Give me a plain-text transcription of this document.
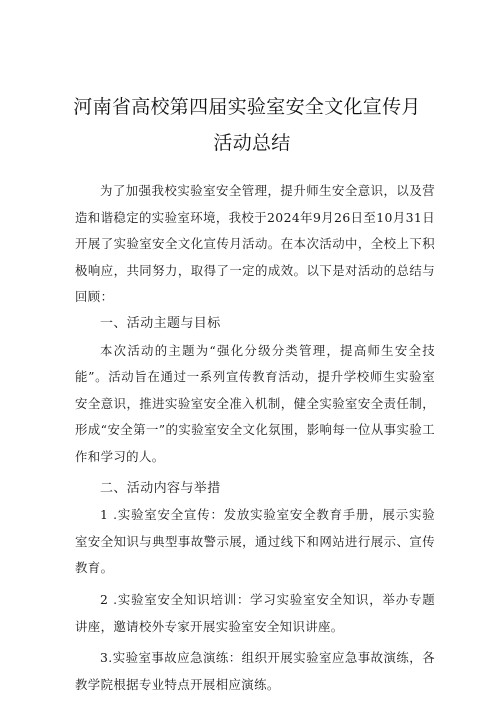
河南省高校第四届实验室安全文化宣传月
活动总结

为了加强我校实验室安全管理，提升师生安全意识，以及营造和谐稳定的实验室环境，我校于2024年9月26日至10月31日开展了实验室安全文化宣传月活动。在本次活动中，全校上下积极响应，共同努力，取得了一定的成效。以下是对活动的总结与回顾：

一、活动主题与目标

本次活动的主题为“强化分级分类管理，提高师生安全技能”。活动旨在通过一系列宣传教育活动，提升学校师生实验室安全意识，推进实验室安全准入机制，健全实验室安全责任制，形成“安全第一”的实验室安全文化氛围，影响每一位从事实验工作和学习的人。

二、活动内容与举措

1 .实验室安全宣传：发放实验室安全教育手册，展示实验室安全知识与典型事故警示展，通过线下和网站进行展示、宣传教育。

2 .实验室安全知识培训：学习实验室安全知识，举办专题讲座，邀请校外专家开展实验室安全知识讲座。

3.实验室事故应急演练：组织开展实验室应急事故演练，各教学院根据专业特点开展相应演练。
